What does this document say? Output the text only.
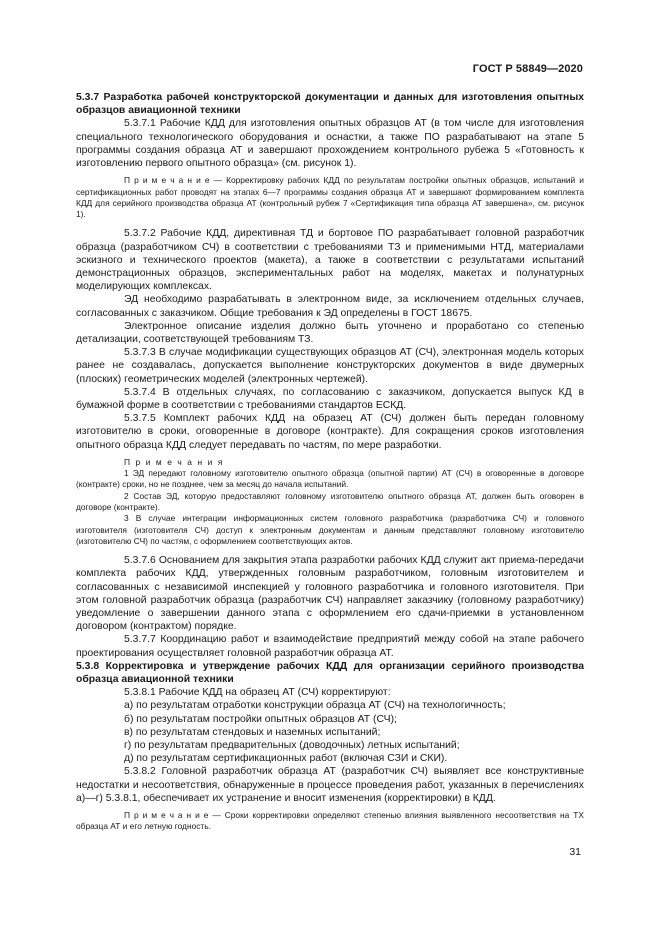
ГОСТ Р 58849—2020

5.3.7 Разработка рабочей конструкторской документации и данных для изготовления опытных образцов авиационной техники

5.3.7.1 Рабочие КДД для изготовления опытных образцов АТ (в том числе для изготовления специального технологического оборудования и оснастки, а также ПО разрабатывают на этапе 5 программы создания образца АТ и завершают прохождением контрольного рубежа 5 «Готовность к изготовлению первого опытного образца» (см. рисунок 1).

П р и м е ч а н и е — Корректировку рабочих КДД по результатам постройки опытных образцов, испытаний и сертификационных работ проводят на этапах 6—7 программы создания образца АТ и завершают формированием комплекта КДД для серийного производства образца АТ (контрольный рубеж 7 «Сертификация типа образца АТ завершена», см. рисунок 1).

5.3.7.2 Рабочие КДД, директивная ТД и бортовое ПО разрабатывает головной разработчик образца (разработчиком СЧ) в соответствии с требованиями ТЗ и применимыми НТД, материалами эскизного и технического проектов (макета), а также в соответствии с результатами испытаний демонстрационных образцов, экспериментальных работ на моделях, макетах и полунатурных моделирующих комплексах.

ЭД необходимо разрабатывать в электронном виде, за исключением отдельных случаев, согласованных с заказчиком. Общие требования к ЭД определены в ГОСТ 18675.

Электронное описание изделия должно быть уточнено и проработано со степенью детализации, соответствующей требованиям ТЗ.

5.3.7.3 В случае модификации существующих образцов АТ (СЧ), электронная модель которых ранее не создавалась, допускается выполнение конструкторских документов в виде двумерных (плоских) геометрических моделей (электронных чертежей).

5.3.7.4 В отдельных случаях, по согласованию с заказчиком, допускается выпуск КД в бумажной форме в соответствии с требованиями стандартов ЕСКД.

5.3.7.5 Комплект рабочих КДД на образец АТ (СЧ) должен быть передан головному изготовителю в сроки, оговоренные в договоре (контракте). Для сокращения сроков изготовления опытного образца КДД следует передавать по частям, по мере разработки.

П р и м е ч а н и я

1 ЭД передают головному изготовителю опытного образца (опытной партии) АТ (СЧ) в оговоренные в договоре (контракте) сроки, но не позднее, чем за месяц до начала испытаний.

2 Состав ЭД, которую предоставляют головному изготовителю опытного образца АТ, должен быть оговорен в договоре (контракте).

3 В случае интеграции информационных систем головного разработчика (разработчика СЧ) и головного изготовителя (изготовителя СЧ) доступ к электронным документам и данным представляют головному изготовителю (изготовителю СЧ) по частям, с оформлением соответствующих актов.

5.3.7.6 Основанием для закрытия этапа разработки рабочих КДД служит акт приема-передачи комплекта рабочих КДД, утвержденных головным разработчиком, головным изготовителем и согласованных с независимой инспекцией у головного разработчика и головного изготовителя. При этом головной разработчик образца (разработчик СЧ) направляет заказчику (головному разработчику) уведомление о завершении данного этапа с оформлением его сдачи-приемки в установленном договором (контрактом) порядке.

5.3.7.7 Координацию работ и взаимодействие предприятий между собой на этапе рабочего проектирования осуществляет головной разработчик образца АТ.

5.3.8 Корректировка и утверждение рабочих КДД для организации серийного производства образца авиационной техники

5.3.8.1 Рабочие КДД на образец АТ (СЧ) корректируют:

а) по результатам отработки конструкции образца АТ (СЧ) на технологичность;

б) по результатам постройки опытных образцов АТ (СЧ);

в) по результатам стендовых и наземных испытаний;

г) по результатам предварительных (доводочных) летных испытаний;

д) по результатам сертификационных работ (включая СЗИ и СКИ).

5.3.8.2 Головной разработчик образца АТ (разработчик СЧ) выявляет все конструктивные недостатки и несоответствия, обнаруженные в процессе проведения работ, указанных в перечислениях а)—г) 5.3.8.1, обеспечивает их устранение и вносит изменения (корректировки) в КДД.

П р и м е ч а н и е — Сроки корректировки определяют степенью влияния выявленного несоответствия на ТХ образца АТ и его летную годность.

31
